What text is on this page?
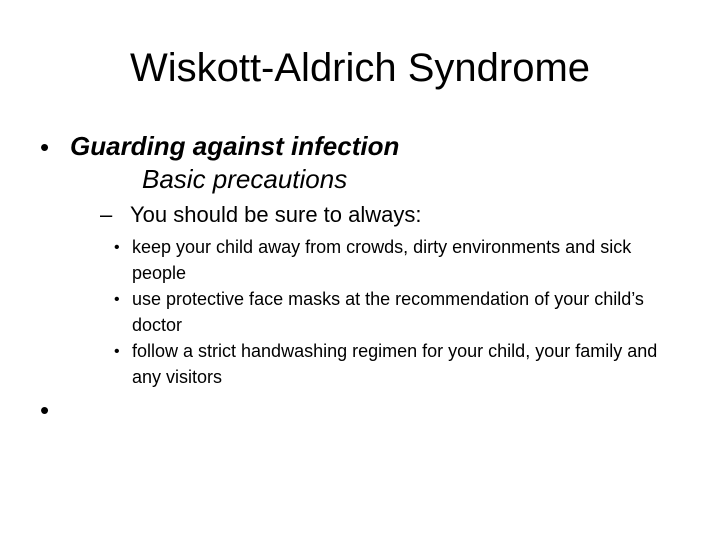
Wiskott-Aldrich Syndrome
• Guarding against infection
Basic precautions
– You should be sure to always:
• keep your child away from crowds, dirty environments and sick people
• use protective face masks at the recommendation of your child’s doctor
• follow a strict handwashing regimen for your child, your family and any visitors
•
